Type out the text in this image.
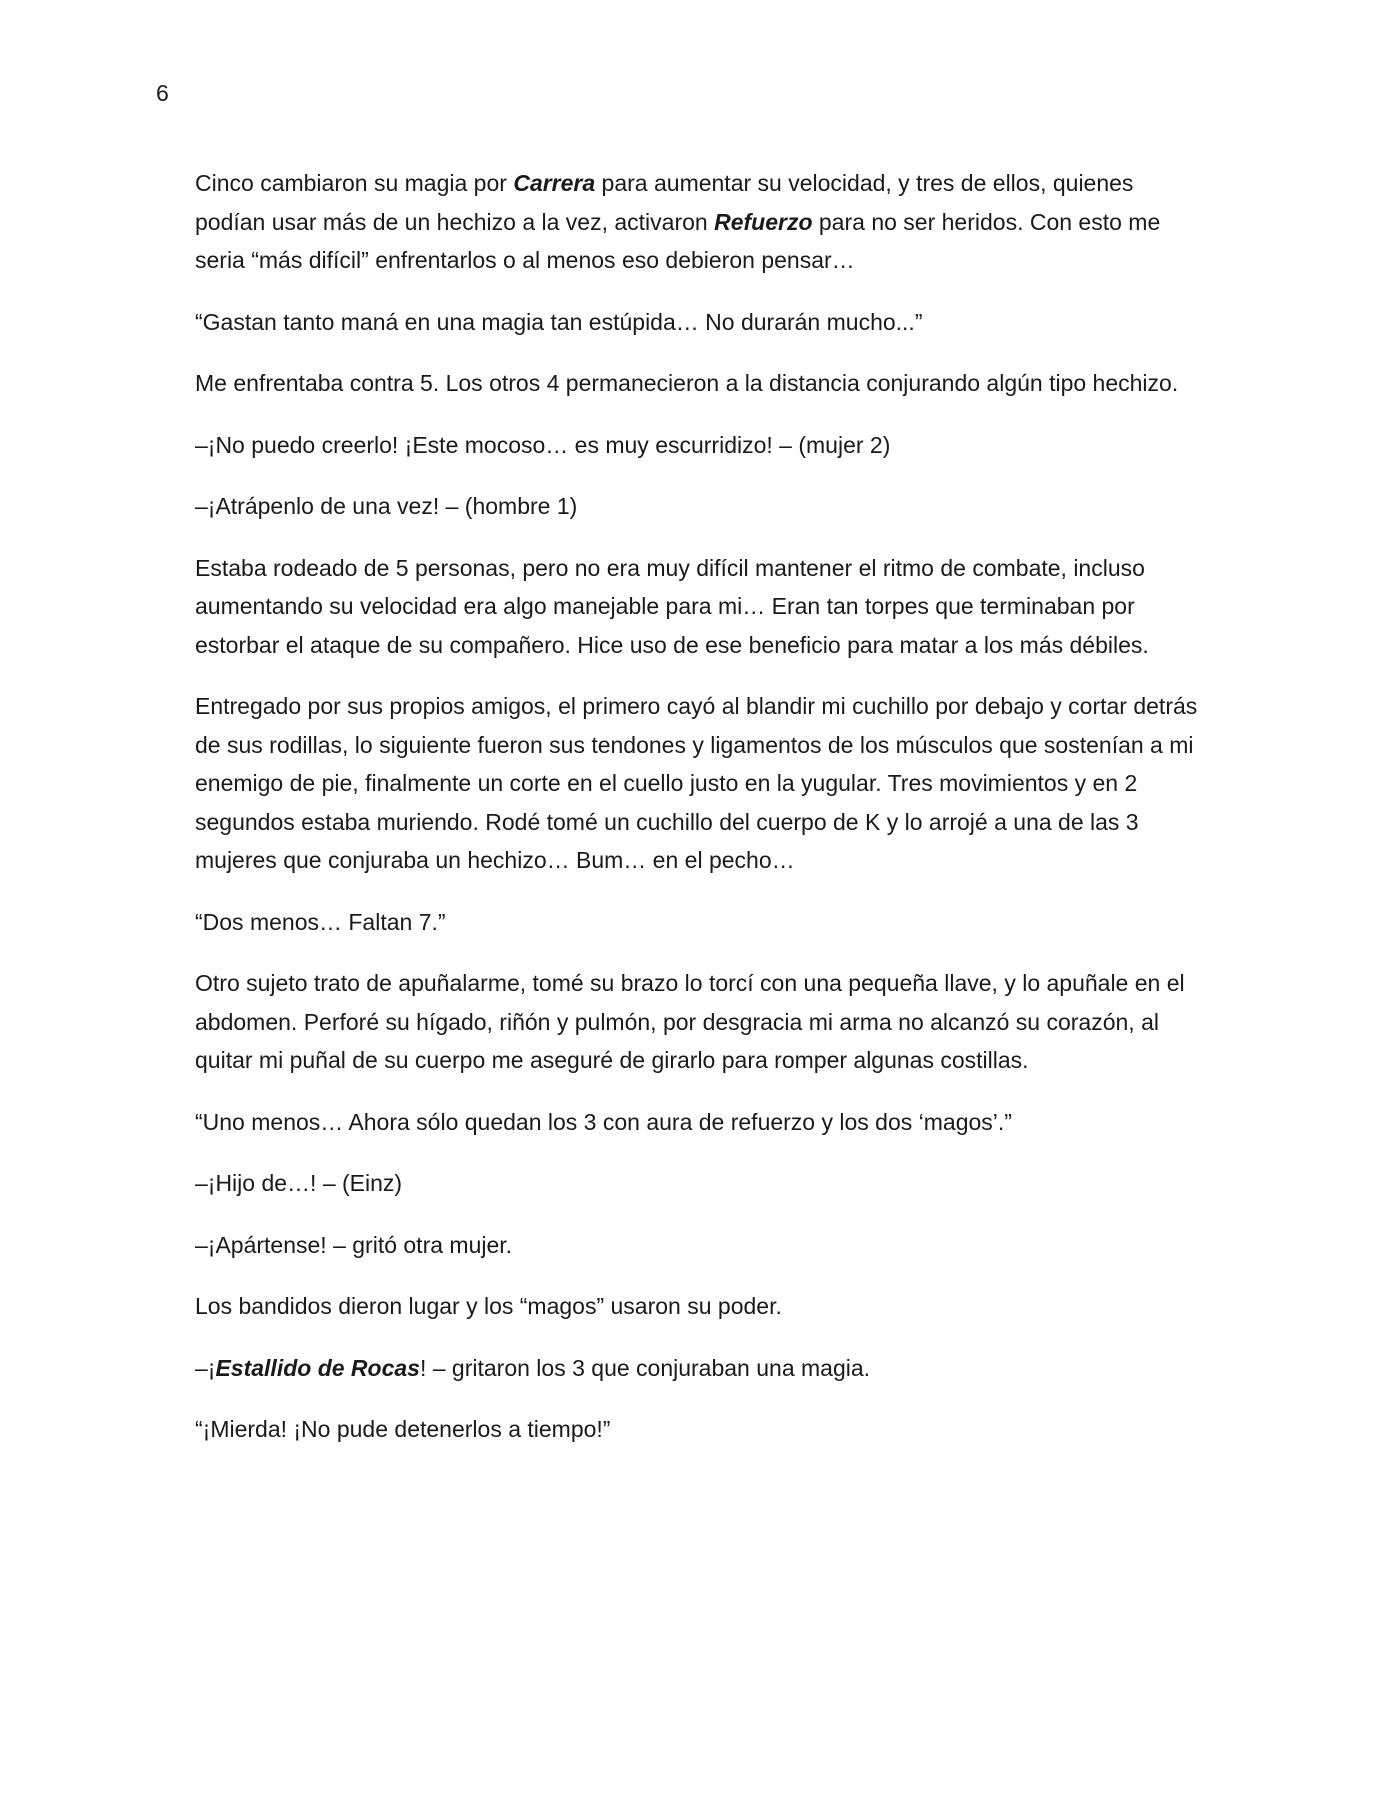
6

Cinco cambiaron su magia por Carrera para aumentar su velocidad, y tres de ellos, quienes podían usar más de un hechizo a la vez, activaron Refuerzo para no ser heridos. Con esto me seria “más difícil” enfrentarlos o al menos eso debieron pensar…

“Gastan tanto maná en una magia tan estúpida… No durarán mucho...”

Me enfrentaba contra 5. Los otros 4 permanecieron a la distancia conjurando algún tipo hechizo.

–¡No puedo creerlo! ¡Este mocoso… es muy escurridizo! – (mujer 2)

–¡Atrápenlo de una vez! – (hombre 1)

Estaba rodeado de 5 personas, pero no era muy difícil mantener el ritmo de combate, incluso aumentando su velocidad era algo manejable para mi… Eran tan torpes que terminaban por estorbar el ataque de su compañero. Hice uso de ese beneficio para matar a los más débiles.

Entregado por sus propios amigos, el primero cayó al blandir mi cuchillo por debajo y cortar detrás de sus rodillas, lo siguiente fueron sus tendones y ligamentos de los músculos que sostenían a mi enemigo de pie, finalmente un corte en el cuello justo en la yugular. Tres movimientos y en 2 segundos estaba muriendo. Rodé tomé un cuchillo del cuerpo de K y lo arrojé a una de las 3 mujeres que conjuraba un hechizo… Bum… en el pecho…

“Dos menos… Faltan 7.”

Otro sujeto trato de apuñalarme, tomé su brazo lo torcí con una pequeña llave, y lo apuñale en el abdomen. Perforé su hígado, riñón y pulmón, por desgracia mi arma no alcanzó su corazón, al quitar mi puñal de su cuerpo me aseguré de girarlo para romper algunas costillas.

“Uno menos… Ahora sólo quedan los 3 con aura de refuerzo y los dos ‘magos’.”

–¡Hijo de…! – (Einz)

–¡Apártense! – gritó otra mujer.

Los bandidos dieron lugar y los “magos” usaron su poder.

–¡Estallido de Rocas! – gritaron los 3 que conjuraban una magia.

“¡Mierda! ¡No pude detenerlos a tiempo!”
